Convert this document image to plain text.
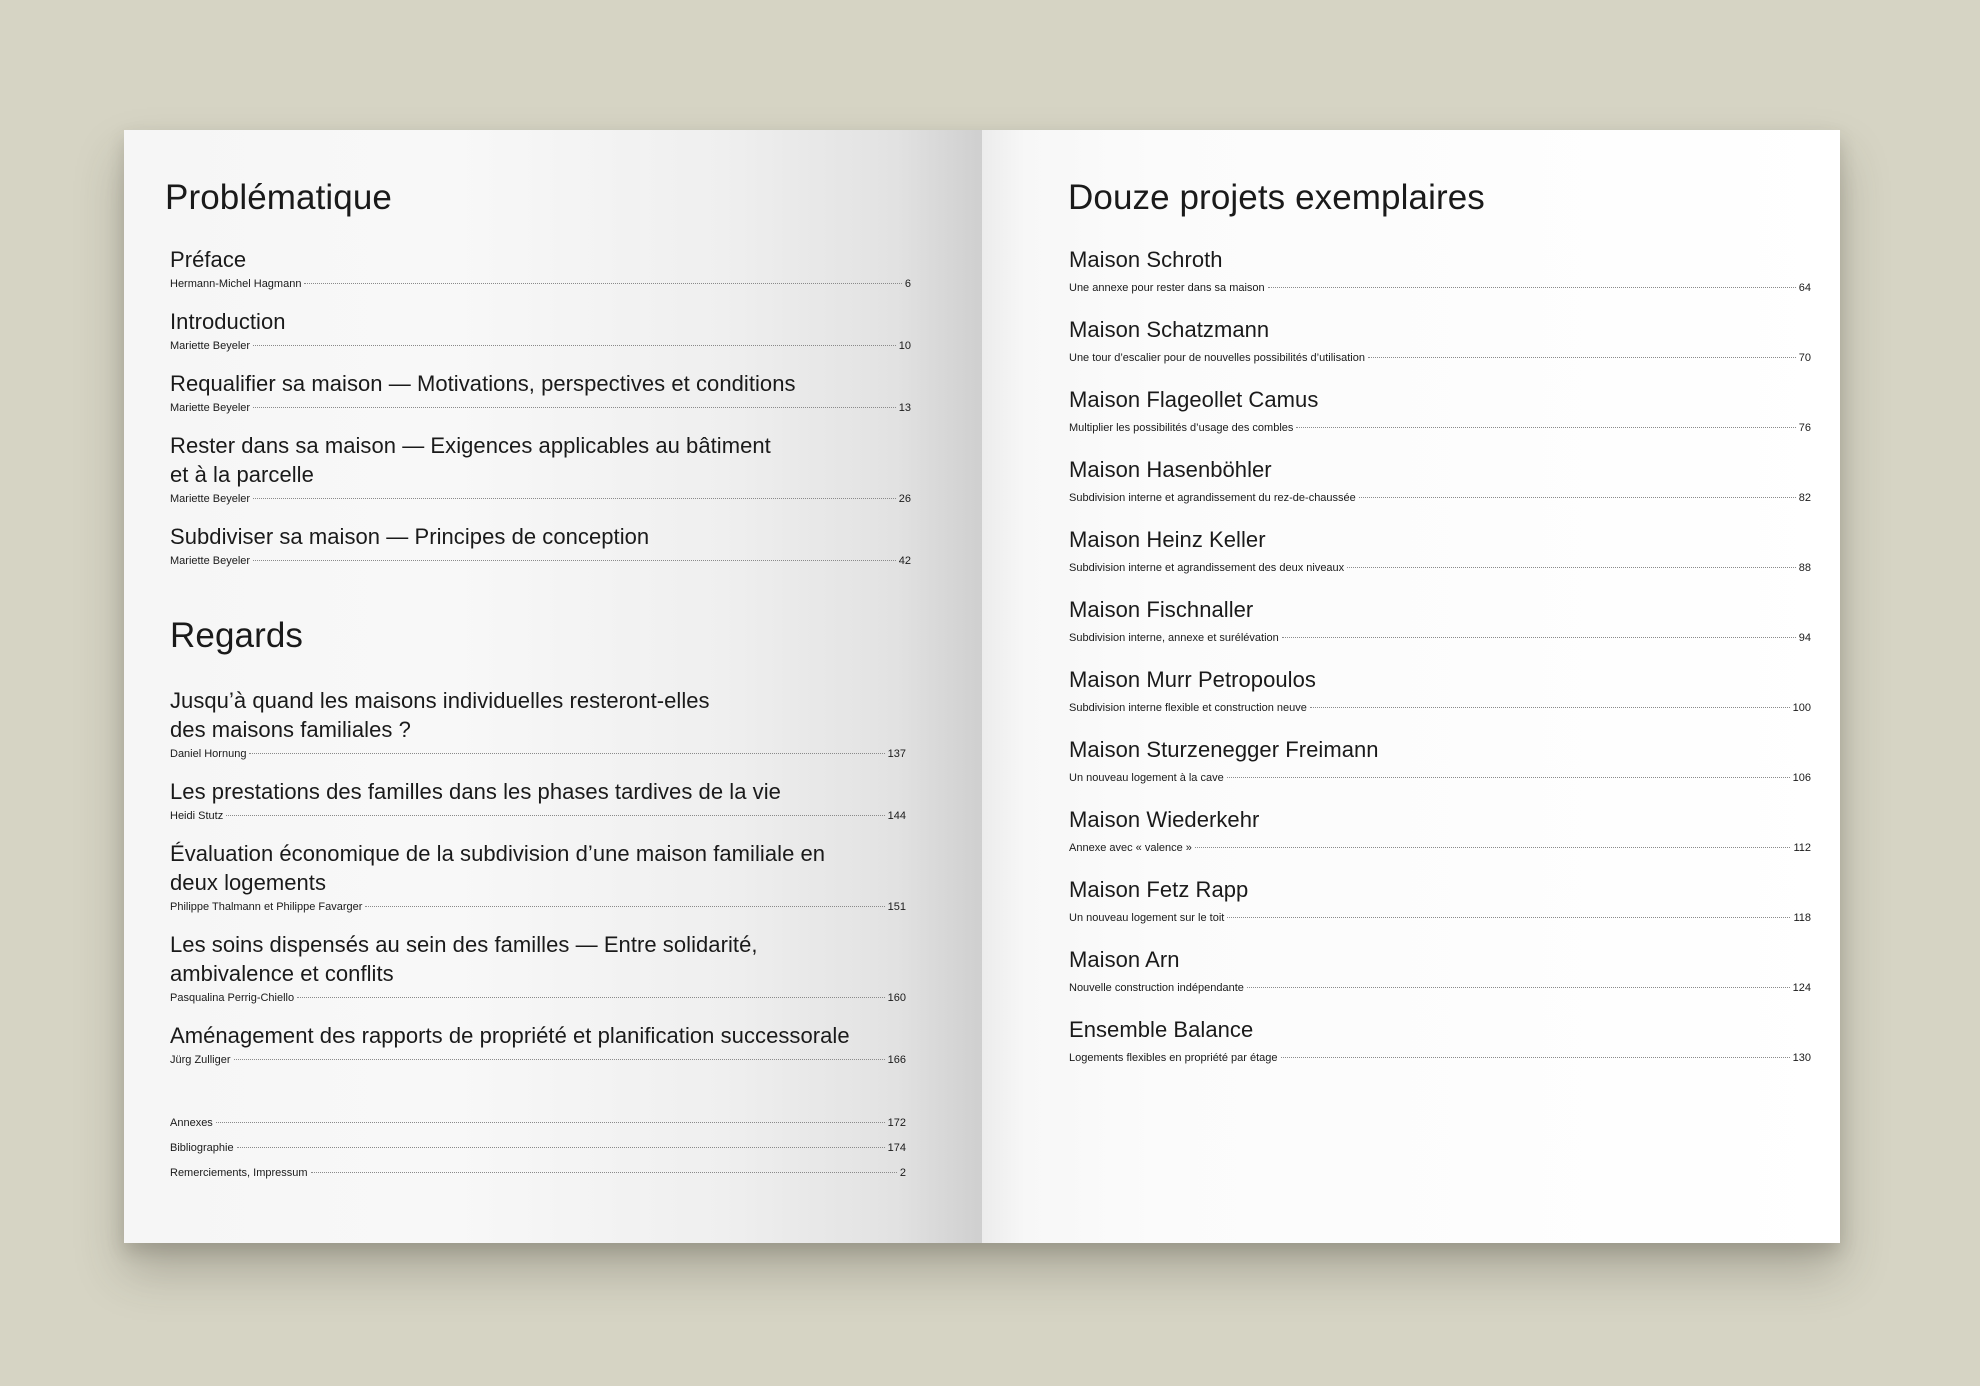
Problématique
Préface
Hermann-Michel Hagmann	6
Introduction
Mariette Beyeler	10
Requalifier sa maison — Motivations, perspectives et conditions
Mariette Beyeler	13
Rester dans sa maison — Exigences applicables au bâtiment
et à la parcelle
Mariette Beyeler	26
Subdiviser sa maison — Principes de conception
Mariette Beyeler	42
Regards
Jusqu’à quand les maisons individuelles resteront-elles
des maisons familiales ?
Daniel Hornung	137
Les prestations des familles dans les phases tardives de la vie
Heidi Stutz	144
Évaluation économique de la subdivision d’une maison familiale en
deux logements
Philippe Thalmann et Philippe Favarger	151
Les soins dispensés au sein des familles — Entre solidarité,
ambivalence et conflits
Pasqualina Perrig-Chiello	160
Aménagement des rapports de propriété et planification successorale
Jürg Zulliger	166
Annexes	172
Bibliographie	174
Remerciements, Impressum	2
Douze projets exemplaires
Maison Schroth
Une annexe pour rester dans sa maison	64
Maison Schatzmann
Une tour d’escalier pour de nouvelles possibilités d’utilisation	70
Maison Flageollet Camus
Multiplier les possibilités d’usage des combles	76
Maison Hasenböhler
Subdivision interne et agrandissement du rez-de-chaussée	82
Maison Heinz Keller
Subdivision interne et agrandissement des deux niveaux	88
Maison Fischnaller
Subdivision interne, annexe et surélévation	94
Maison Murr Petropoulos
Subdivision interne flexible et construction neuve	100
Maison Sturzenegger Freimann
Un nouveau logement à la cave	106
Maison Wiederkehr
Annexe avec « valence »	112
Maison Fetz Rapp
Un nouveau logement sur le toit	118
Maison Arn
Nouvelle construction indépendante	124
Ensemble Balance
Logements flexibles en propriété par étage	130
